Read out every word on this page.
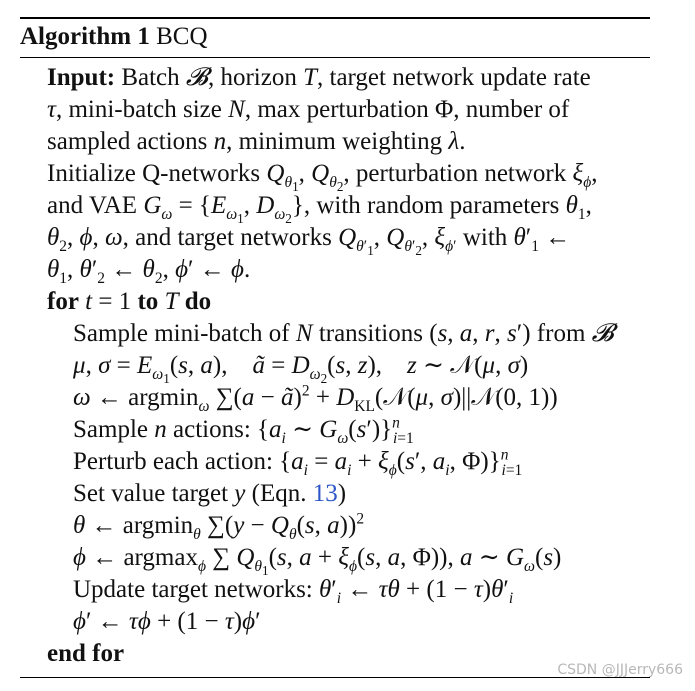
Algorithm 1 BCQ
Input: Batch 𝓑, horizon T, target network update rate
τ, mini-batch size N, max perturbation Φ, number of
sampled actions n, minimum weighting λ.
Initialize Q-networks $Q_{\theta_1}$, $Q_{\theta_2}$, perturbation network $\xi_\phi$,
and VAE $G_\omega = \{E_{\omega_1}$, $D_{\omega_2}$}, with random parameters $\theta_1$,
$\theta_2$, ϕ, ω, and target networks $Q_{\theta'_1}$, $Q_{\theta'_2}$, $\xi_{\phi'}$ with $\theta'_1$ ←
$\theta_1$, $\theta'_2$ ← $\theta_2$, ϕ′ ← ϕ.
for t = 1 to T do
Sample mini-batch of N transitions (s, a, r, s′) from 𝓑
μ, $\sigma = E_{\omega_1}(s$, a),    ã = $D_{\omega_2}(s$, z),    z ∼ 𝒩(μ, σ)
ω ← argmin$_\omega$ ∑(a − ã)$^2$ + $D_{KL}(𝒩(\mu$, σ)||𝒩(0, 1))
Sample n actions: {$a_i$ ∼ $G_\omega(s')\}^n_{i=1}$
Perturb each action: {$a_i = a_i + \xi_\phi(s'$, $a_i$, Φ)}$^n_{i=1}$
Set value target y (Eqn. 13)
θ ← argmin$_\theta$ $\sum(y - Q_\theta(s$, a))$^2$
ϕ ← argmax$_\phi$ ∑ $Q_{\theta_1}(s$, $a + \xi_\phi(s$, a, Φ)), a ∼ $G_\omega(s)$
Update target networks: $\theta'_i$ ← $\tau\theta + (1 - \tau)\theta'_i$
ϕ′ ← τϕ + (1 − τ)ϕ′
end for
CSDN @JJJerry666
